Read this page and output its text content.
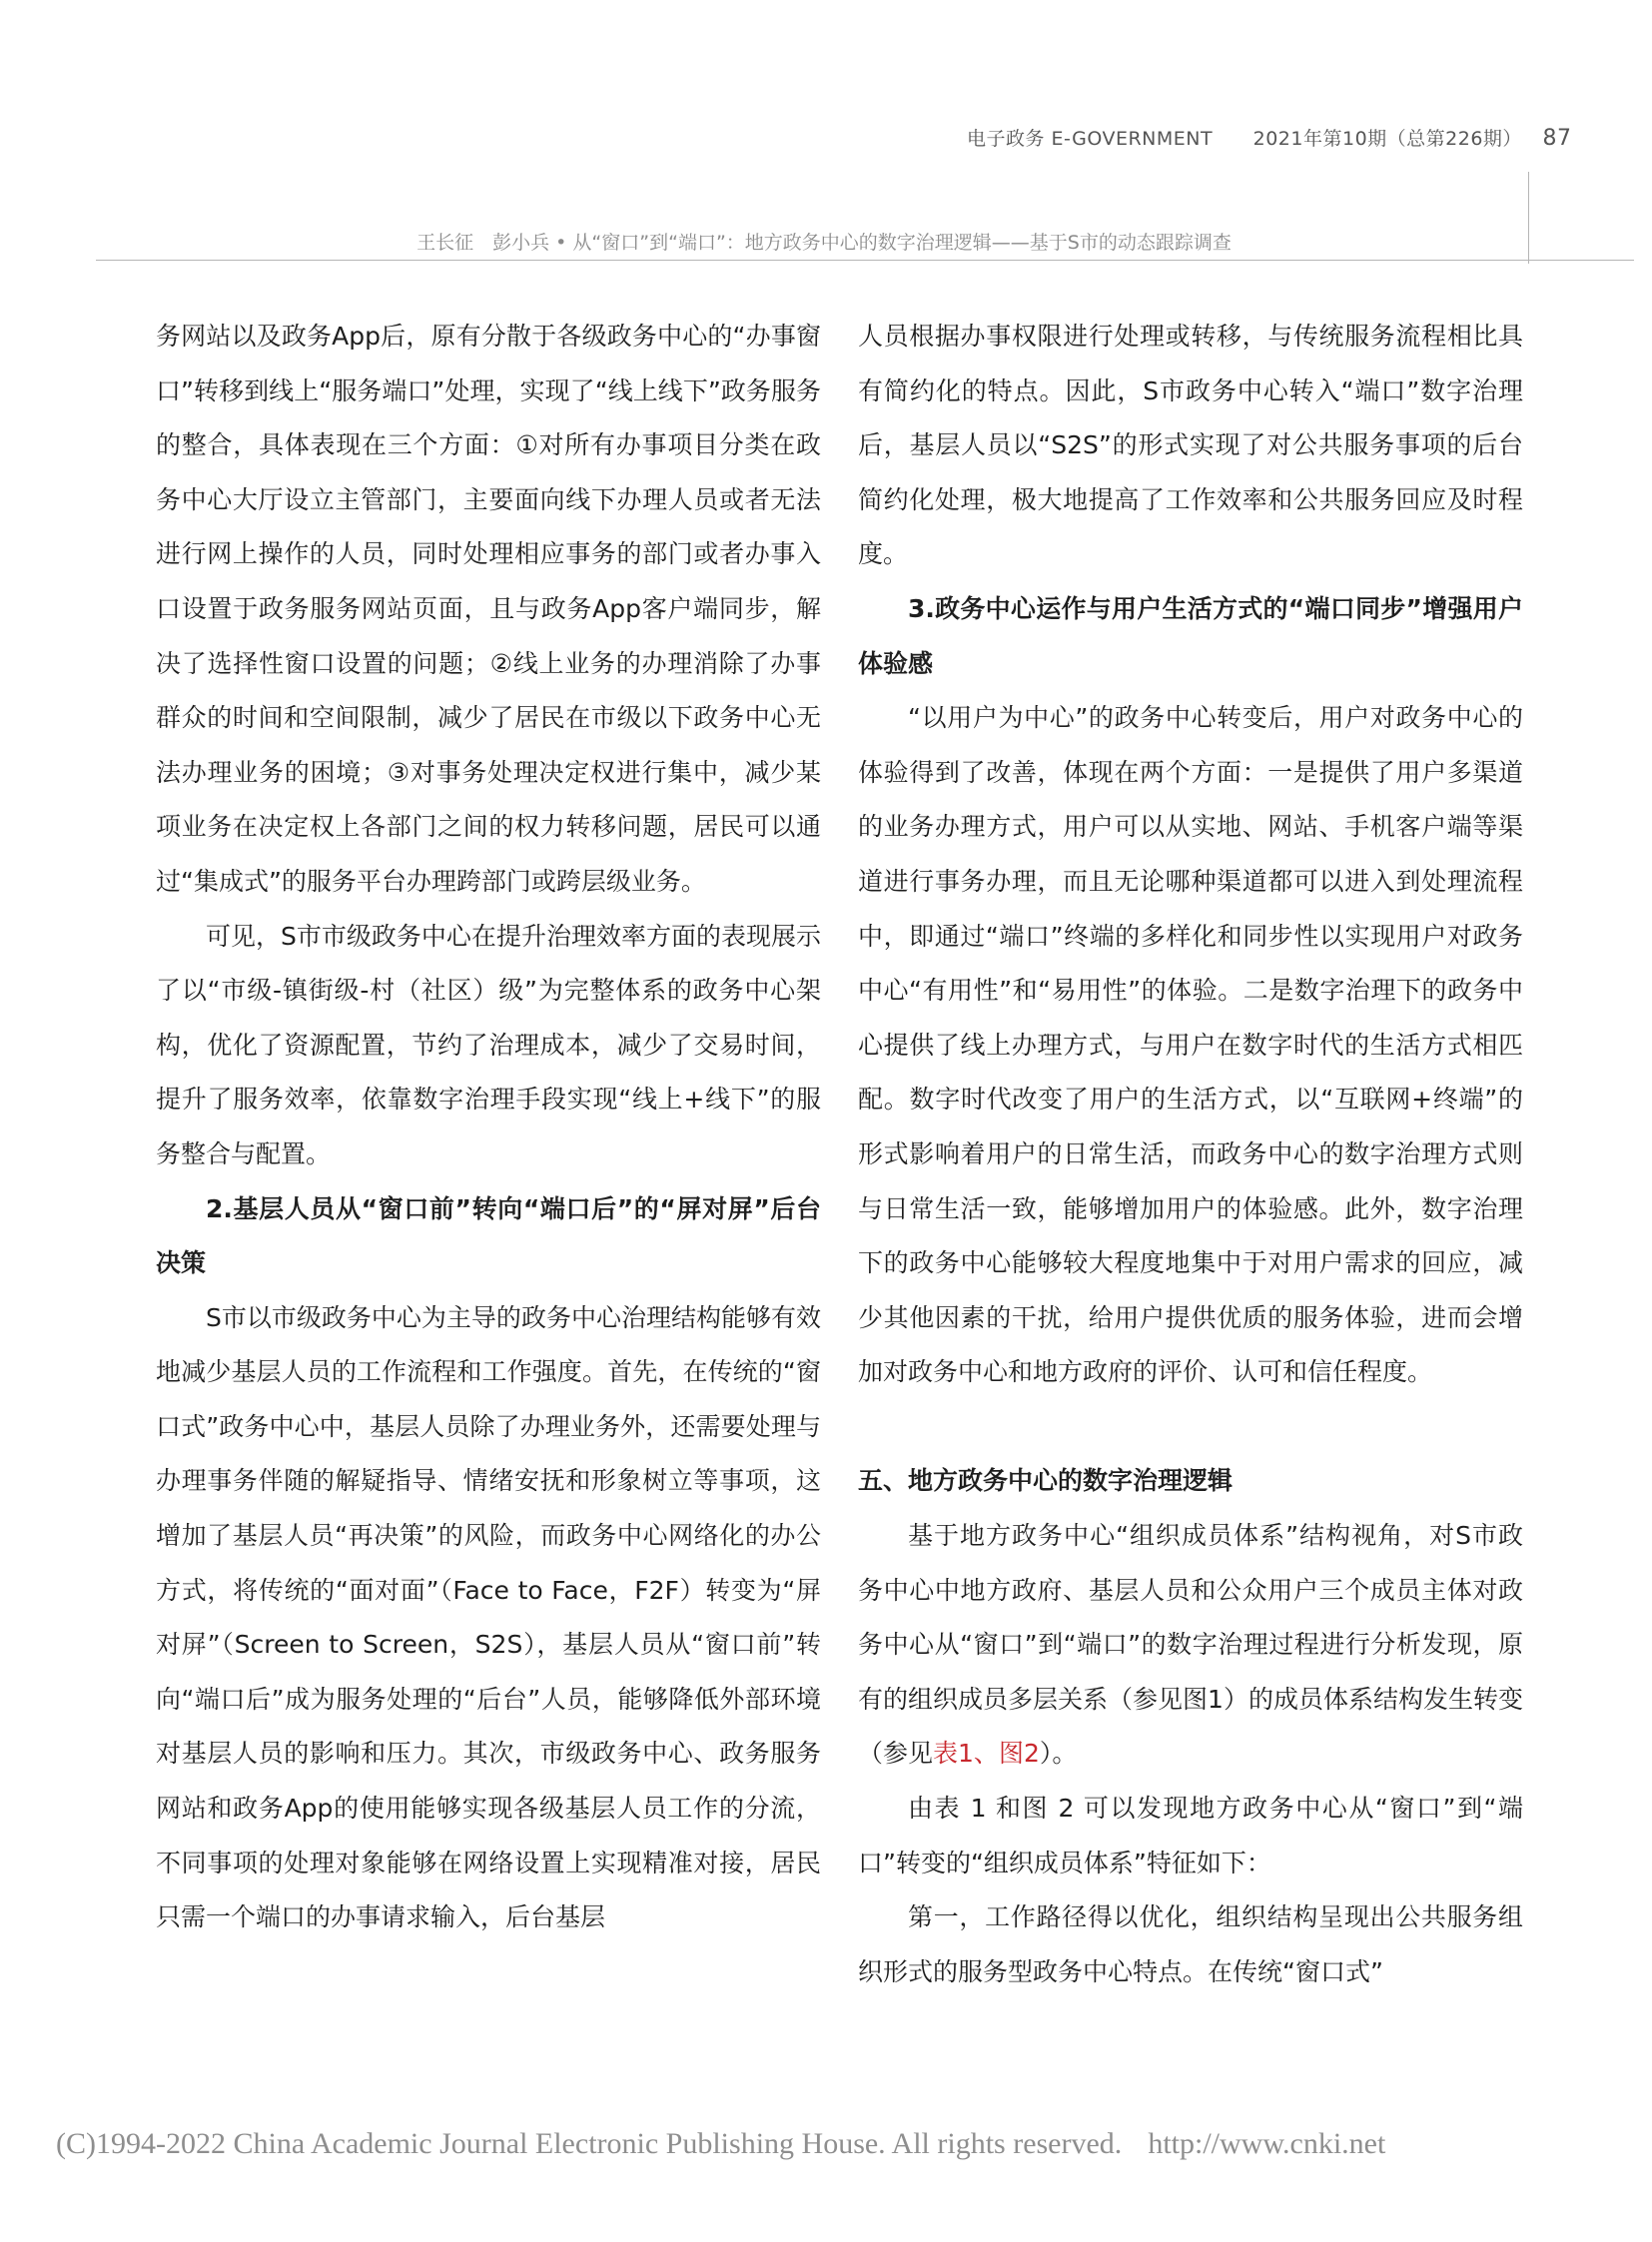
电子政务 E-GOVERNMENT 2021年第10期（总第226期） 87
王长征　彭小兵 • 从“窗口”到“端口”：地方政务中心的数字治理逻辑——基于S市的动态跟踪调查

务网站以及政务App后，原有分散于各级政务中心的“办事窗口”转移到线上“服务端口”处理，实现了“线上线下”政务服务的整合，具体表现在三个方面：①对所有办事项目分类在政务中心大厅设立主管部门，主要面向线下办理人员或者无法进行网上操作的人员，同时处理相应事务的部门或者办事入口设置于政务服务网站页面，且与政务App客户端同步，解决了选择性窗口设置的问题；②线上业务的办理消除了办事群众的时间和空间限制，减少了居民在市级以下政务中心无法办理业务的困境；③对事务处理决定权进行集中，减少某项业务在决定权上各部门之间的权力转移问题，居民可以通过“集成式”的服务平台办理跨部门或跨层级业务。

可见，S市市级政务中心在提升治理效率方面的表现展示了以“市级-镇街级-村（社区）级”为完整体系的政务中心架构，优化了资源配置，节约了治理成本，减少了交易时间，提升了服务效率，依靠数字治理手段实现“线上+线下”的服务整合与配置。

2.基层人员从“窗口前”转向“端口后”的“屏对屏”后台决策

S市以市级政务中心为主导的政务中心治理结构能够有效地减少基层人员的工作流程和工作强度。首先，在传统的“窗口式”政务中心中，基层人员除了办理业务外，还需要处理与办理事务伴随的解疑指导、情绪安抚和形象树立等事项，这增加了基层人员“再决策”的风险，而政务中心网络化的办公方式，将传统的“面对面”（Face to Face，F2F）转变为“屏对屏”（Screen to Screen，S2S），基层人员从“窗口前”转向“端口后”成为服务处理的“后台”人员，能够降低外部环境对基层人员的影响和压力。其次，市级政务中心、政务服务网站和政务App的使用能够实现各级基层人员工作的分流，不同事项的处理对象能够在网络设置上实现精准对接，居民只需一个端口的办事请求输入，后台基层

人员根据办事权限进行处理或转移，与传统服务流程相比具有简约化的特点。因此，S市政务中心转入“端口”数字治理后，基层人员以“S2S”的形式实现了对公共服务事项的后台简约化处理，极大地提高了工作效率和公共服务回应及时程度。

3.政务中心运作与用户生活方式的“端口同步”增强用户体验感

“以用户为中心”的政务中心转变后，用户对政务中心的体验得到了改善，体现在两个方面：一是提供了用户多渠道的业务办理方式，用户可以从实地、网站、手机客户端等渠道进行事务办理，而且无论哪种渠道都可以进入到处理流程中，即通过“端口”终端的多样化和同步性以实现用户对政务中心“有用性”和“易用性”的体验。二是数字治理下的政务中心提供了线上办理方式，与用户在数字时代的生活方式相匹配。数字时代改变了用户的生活方式，以“互联网+终端”的形式影响着用户的日常生活，而政务中心的数字治理方式则与日常生活一致，能够增加用户的体验感。此外，数字治理下的政务中心能够较大程度地集中于对用户需求的回应，减少其他因素的干扰，给用户提供优质的服务体验，进而会增加对政务中心和地方政府的评价、认可和信任程度。

五、地方政务中心的数字治理逻辑

基于地方政务中心“组织成员体系”结构视角，对S市政务中心中地方政府、基层人员和公众用户三个成员主体对政务中心从“窗口”到“端口”的数字治理过程进行分析发现，原有的组织成员多层关系（参见图1）的成员体系结构发生转变（参见表1、图2）。

由表 1 和图 2 可以发现地方政务中心从“窗口”到“端口”转变的“组织成员体系”特征如下：

第一，工作路径得以优化，组织结构呈现出公共服务组织形式的服务型政务中心特点。在传统“窗口式”

(C)1994-2022 China Academic Journal Electronic Publishing House. All rights reserved. http://www.cnki.net
